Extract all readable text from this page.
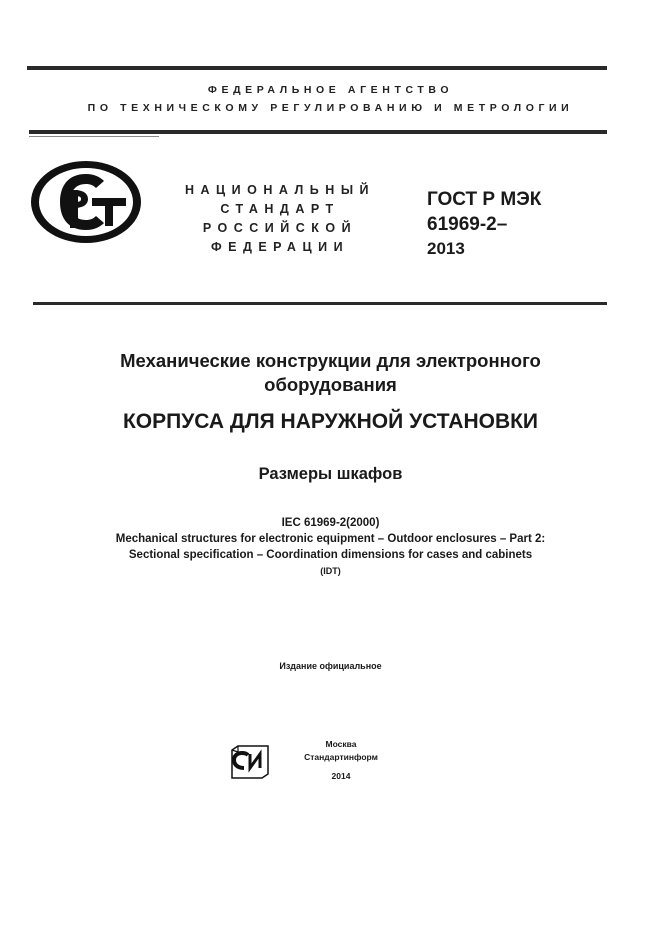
ФЕДЕРАЛЬНОЕ АГЕНТСТВО
ПО ТЕХНИЧЕСКОМУ РЕГУЛИРОВАНИЮ И МЕТРОЛОГИИ
НАЦИОНАЛЬНЫЙ
СТАНДАРТ
РОССИЙСКОЙ
ФЕДЕРАЦИИ
ГОСТ Р МЭК
61969-2–
2013
Механические конструкции для электронного
оборудования
КОРПУСА ДЛЯ НАРУЖНОЙ УСТАНОВКИ
Размеры шкафов
IEC 61969-2(2000)
Mechanical structures for electronic equipment – Outdoor enclosures – Part 2:
Sectional specification – Coordination dimensions for cases and cabinets
(IDT)
Издание официальное
Москва
Стандартинформ
2014
